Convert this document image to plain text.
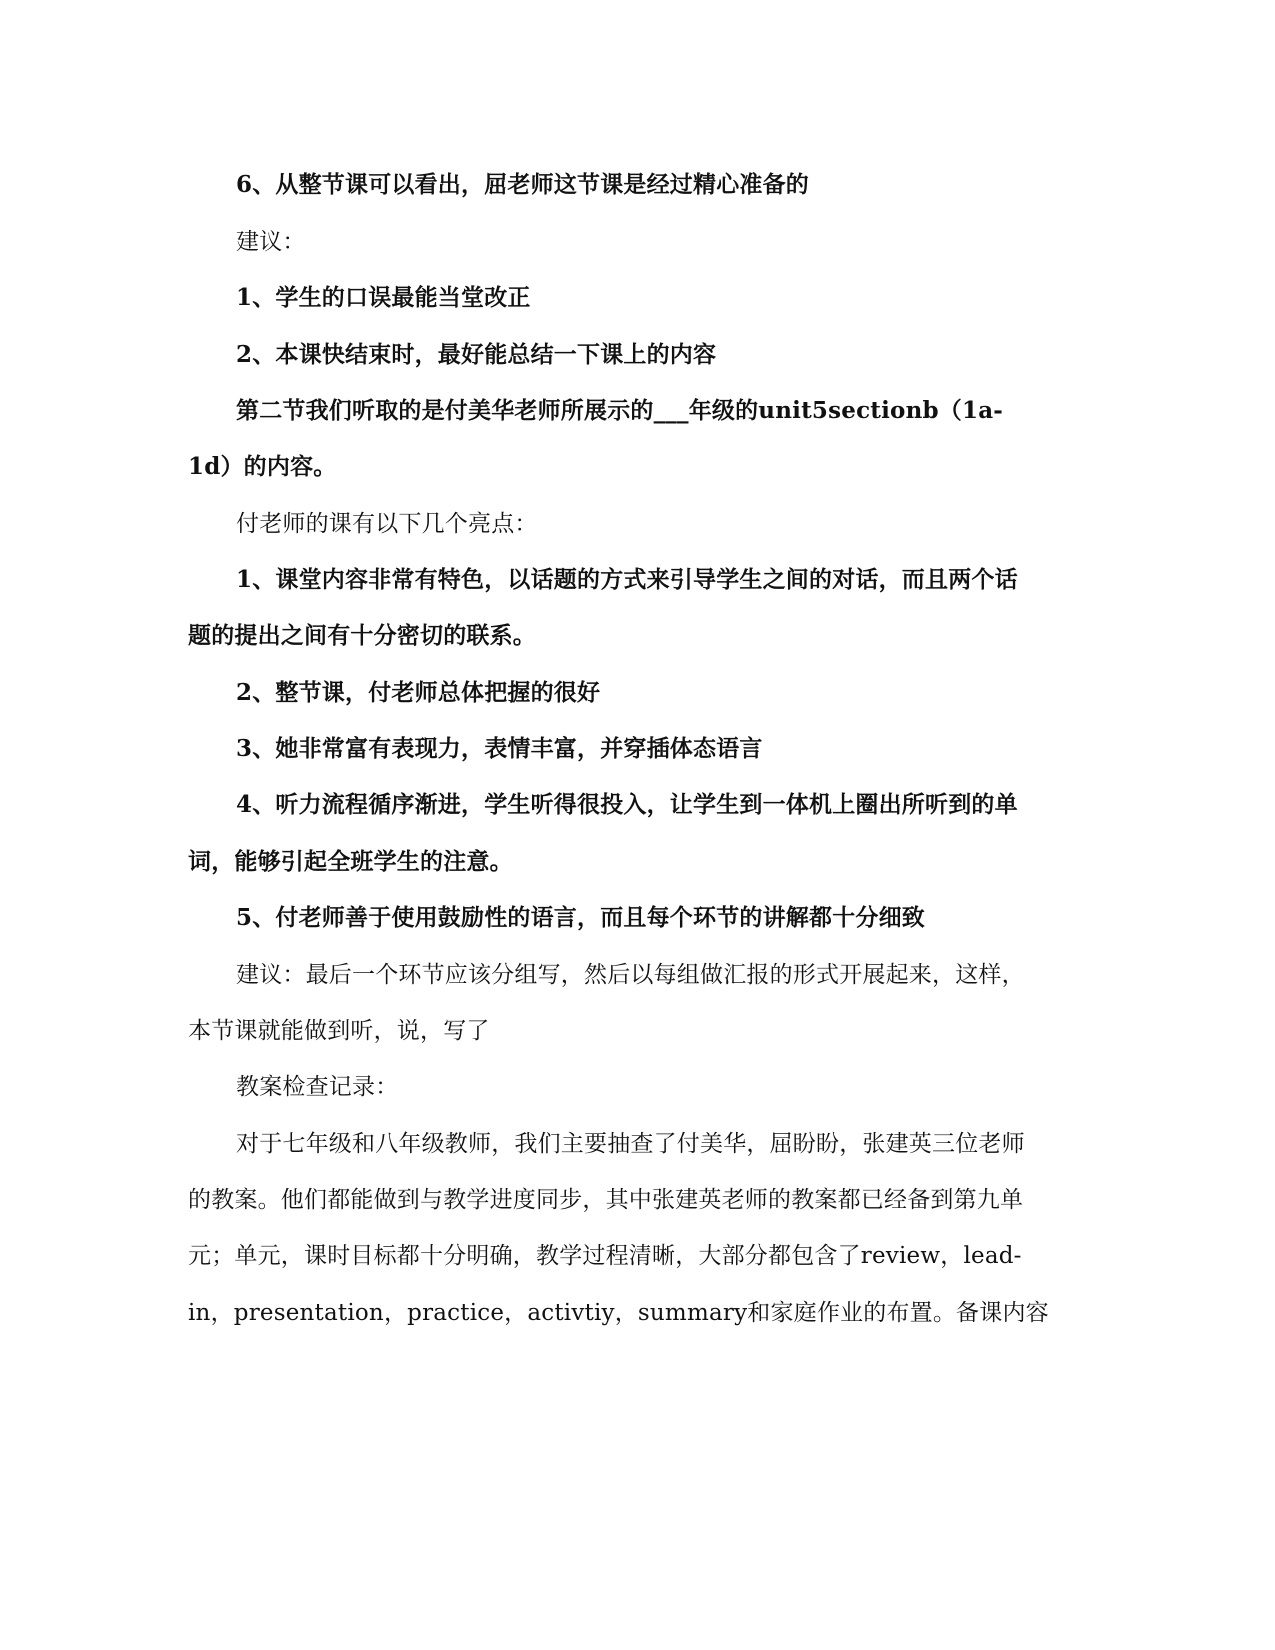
6、从整节课可以看出，屈老师这节课是经过精心准备的
建议：
1、学生的口误最能当堂改正
2、本课快结束时，最好能总结一下课上的内容
第二节我们听取的是付美华老师所展示的___年级的unit5sectionb（1a-
1d）的内容。
付老师的课有以下几个亮点：
1、课堂内容非常有特色，以话题的方式来引导学生之间的对话，而且两个话
题的提出之间有十分密切的联系。
2、整节课，付老师总体把握的很好
3、她非常富有表现力，表情丰富，并穿插体态语言
4、听力流程循序渐进，学生听得很投入，让学生到一体机上圈出所听到的单
词，能够引起全班学生的注意。
5、付老师善于使用鼓励性的语言，而且每个环节的讲解都十分细致
建议：最后一个环节应该分组写，然后以每组做汇报的形式开展起来，这样，
本节课就能做到听，说，写了
教案检查记录：
对于七年级和八年级教师，我们主要抽查了付美华，屈盼盼，张建英三位老师
的教案。他们都能做到与教学进度同步，其中张建英老师的教案都已经备到第九单
元；单元，课时目标都十分明确，教学过程清晰，大部分都包含了review，lead-
in，presentation，practice，activtiy，summary和家庭作业的布置。备课内容
